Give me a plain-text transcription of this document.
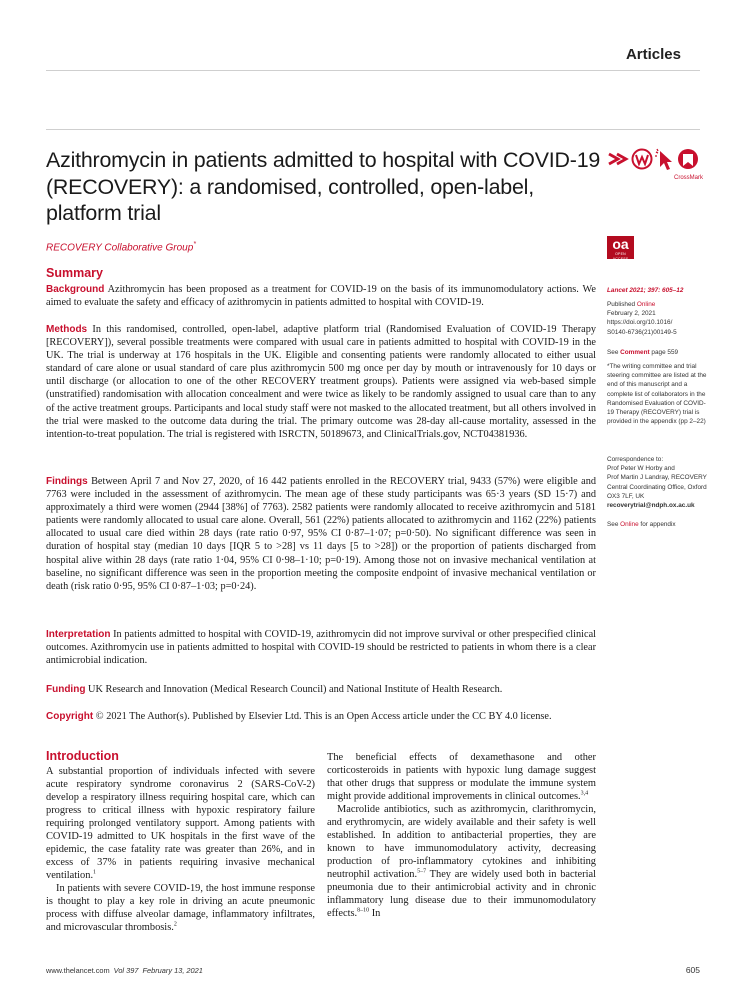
Articles
Azithromycin in patients admitted to hospital with COVID-19 (RECOVERY): a randomised, controlled, open-label, platform trial
CrossMark
RECOVERY Collaborative Group*	oa
OPEN ACCESS
Summary

Background Azithromycin has been proposed as a treatment for COVID-19 on the basis of its immunomodulatory actions. We aimed to evaluate the safety and efficacy of azithromycin in patients admitted to hospital with COVID-19.

Methods In this randomised, controlled, open-label, adaptive platform trial (Randomised Evaluation of COVID-19 Therapy [RECOVERY]), several possible treatments were compared with usual care in patients admitted to hospital with COVID-19 in the UK. The trial is underway at 176 hospitals in the UK. Eligible and consenting patients were randomly allocated to either usual standard of care alone or usual standard of care plus azithromycin 500 mg once per day by mouth or intravenously for 10 days or until discharge (or allocation to one of the other RECOVERY treatment groups). Patients were assigned via web-based simple (unstratified) randomisation with allocation concealment and were twice as likely to be randomly assigned to usual care than to any of the active treatment groups. Participants and local study staff were not masked to the allocated treatment, but all others involved in the trial were masked to the outcome data during the trial. The primary outcome was 28-day all-cause mortality, assessed in the intention-to-treat population. The trial is registered with ISRCTN, 50189673, and ClinicalTrials.gov, NCT04381936.

Findings Between April 7 and Nov 27, 2020, of 16 442 patients enrolled in the RECOVERY trial, 9433 (57%) were eligible and 7763 were included in the assessment of azithromycin. The mean age of these study participants was 65·3 years (SD 15·7) and approximately a third were women (2944 [38%] of 7763). 2582 patients were randomly allocated to receive azithromycin and 5181 patients were randomly allocated to usual care alone. Overall, 561 (22%) patients allocated to azithromycin and 1162 (22%) patients allocated to usual care died within 28 days (rate ratio 0·97, 95% CI 0·87–1·07; p=0·50). No significant difference was seen in duration of hospital stay (median 10 days [IQR 5 to >28] vs 11 days [5 to >28]) or the proportion of patients discharged from hospital alive within 28 days (rate ratio 1·04, 95% CI 0·98–1·10; p=0·19). Among those not on invasive mechanical ventilation at baseline, no significant difference was seen in the proportion meeting the composite endpoint of invasive mechanical ventilation or death (risk ratio 0·95, 95% CI 0·87–1·03; p=0·24).

Interpretation In patients admitted to hospital with COVID-19, azithromycin did not improve survival or other prespecified clinical outcomes. Azithromycin use in patients admitted to hospital with COVID-19 should be restricted to patients in whom there is a clear antimicrobial indication.

Funding UK Research and Innovation (Medical Research Council) and National Institute of Health Research.

Copyright © 2021 The Author(s). Published by Elsevier Ltd. This is an Open Access article under the CC BY 4.0 license.

Lancet 2021; 397: 605–12

Published Online
February 2, 2021
https://doi.org/10.1016/
S0140-6736(21)00149-5

See Comment page 559

*The writing committee and trial steering committee are listed at the end of this manuscript and a complete list of collaborators in the Randomised Evaluation of COVID-19 Therapy (RECOVERY) trial is provided in the appendix (pp 2–22)

Correspondence to:
Prof Peter W Horby and
Prof Martin J Landray, RECOVERY Central Coordinating Office, Oxford OX3 7LF, UK
recoverytrial@ndph.ox.ac.uk

See Online for appendix

Introduction

A substantial proportion of individuals infected with severe acute respiratory syndrome coronavirus 2 (SARS-CoV-2) develop a respiratory illness requiring hospital care, which can progress to critical illness with hypoxic respiratory failure requiring prolonged ventilatory support. Among patients with COVID-19 admitted to UK hospitals in the first wave of the epidemic, the case fatality rate was greater than 26%, and in excess of 37% in patients requiring invasive mechanical ventilation.$^1$

In patients with severe COVID-19, the host immune response is thought to play a key role in driving an acute pneumonic process with diffuse alveolar damage, inflammatory infiltrates, and microvascular thrombosis.$^2$

The beneficial effects of dexamethasone and other corticosteroids in patients with hypoxic lung damage suggest that other drugs that suppress or modulate the immune system might provide additional improvements in clinical outcomes.$^{3,4}$

Macrolide antibiotics, such as azithromycin, clarithromycin, and erythromycin, are widely available and their safety is well established. In addition to antibacterial properties, they are known to have immunomodulatory activity, decreasing production of pro-inflammatory cytokines and inhibiting neutrophil activation.$^{5-7}$ They are widely used both in bacterial pneumonia due to their antimicrobial activity and in chronic inflammatory lung disease due to their immunomodulatory effects.$^{8-10}$ In

www.thelancet.com Vol 397 February 13, 2021	605
